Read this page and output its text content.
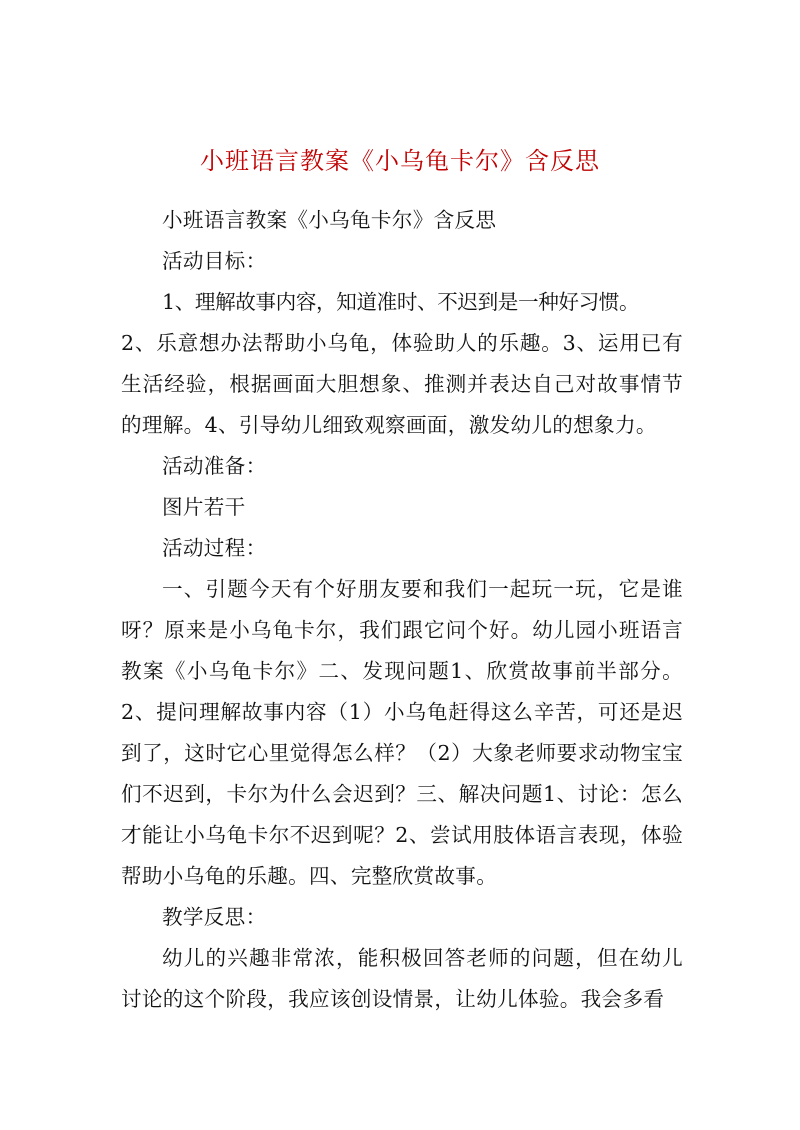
小班语言教案《小乌龟卡尔》含反思

小班语言教案《小乌龟卡尔》含反思

活动目标：

1、理解故事内容，知道准时、不迟到是一种好习惯。

2、乐意想办法帮助小乌龟，体验助人的乐趣。3、运用已有生活经验，根据画面大胆想象、推测并表达自己对故事情节的理解。4、引导幼儿细致观察画面，激发幼儿的想象力。

活动准备：

图片若干

活动过程：

一、引题今天有个好朋友要和我们一起玩一玩，它是谁呀？原来是小乌龟卡尔，我们跟它问个好。幼儿园小班语言教案《小乌龟卡尔》二、发现问题1、欣赏故事前半部分。2、提问理解故事内容（1）小乌龟赶得这么辛苦，可还是迟到了，这时它心里觉得怎么样？（2）大象老师要求动物宝宝们不迟到，卡尔为什么会迟到？三、解决问题1、讨论：怎么才能让小乌龟卡尔不迟到呢？2、尝试用肢体语言表现，体验帮助小乌龟的乐趣。四、完整欣赏故事。

教学反思：

幼儿的兴趣非常浓，能积极回答老师的问题，但在幼儿讨论的这个阶段，我应该创设情景，让幼儿体验。我会多看
